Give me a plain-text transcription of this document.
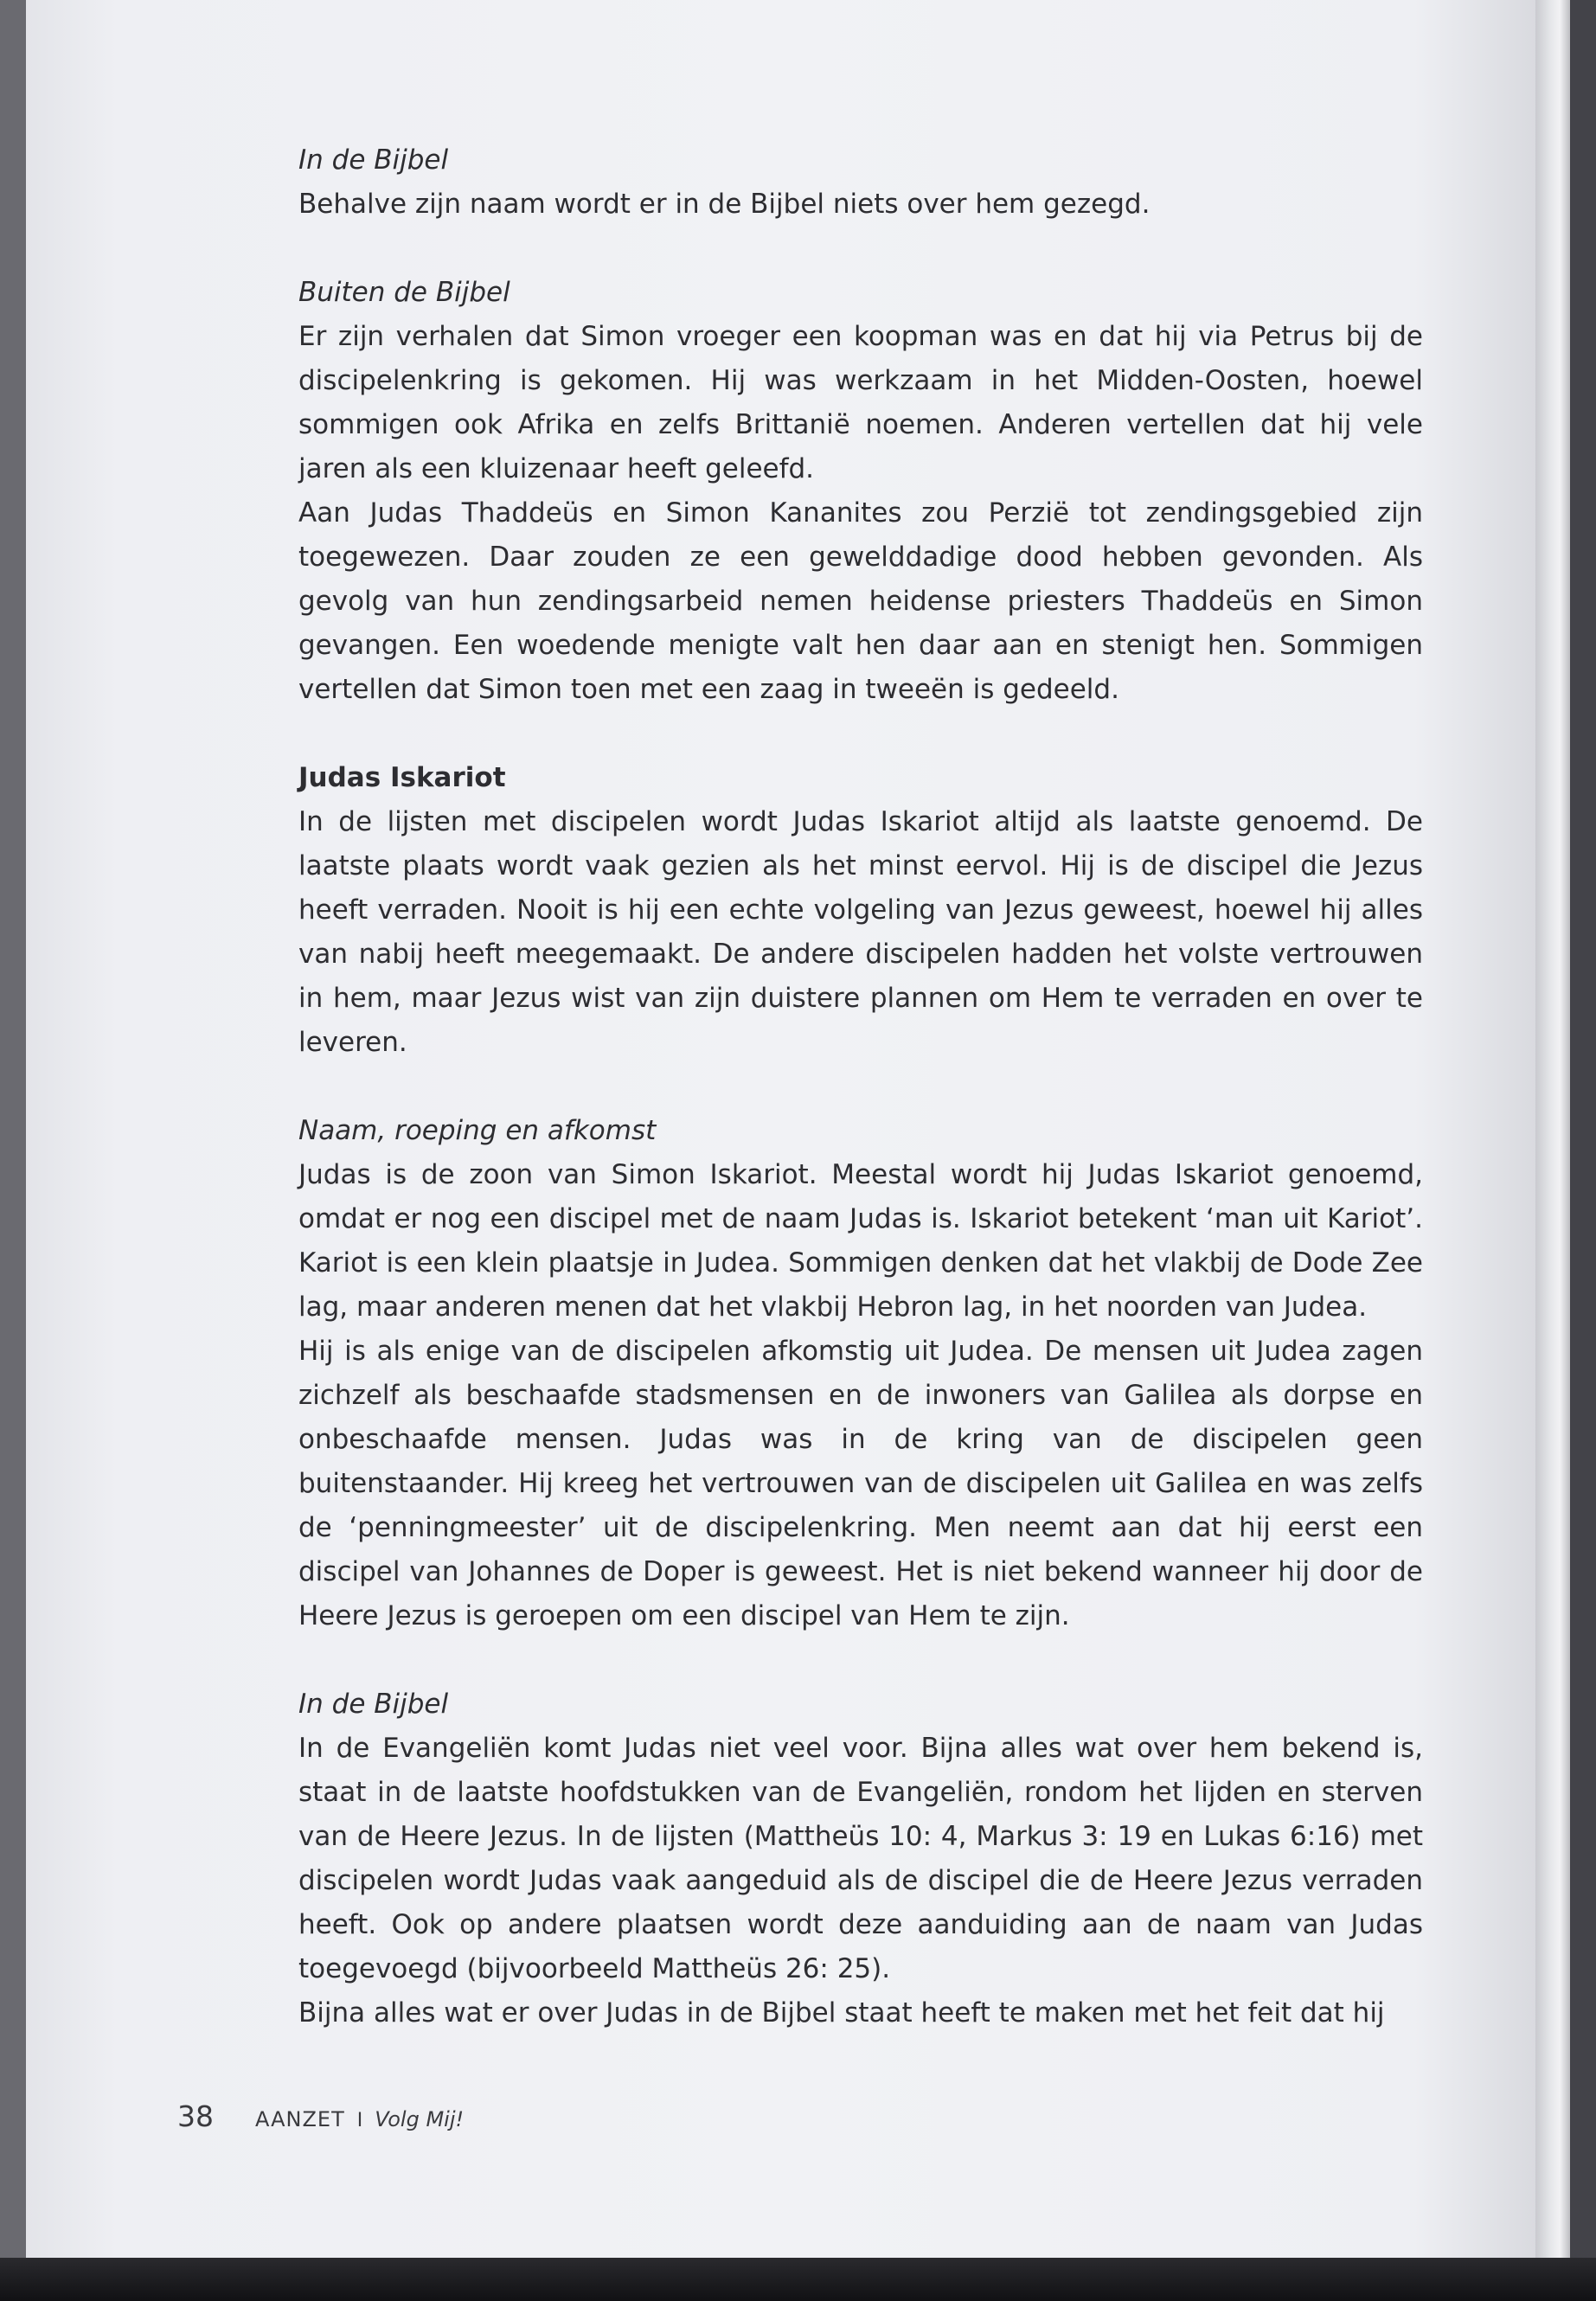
In de Bijbel

Behalve zijn naam wordt er in de Bijbel niets over hem gezegd.

Buiten de Bijbel

Er zijn verhalen dat Simon vroeger een koopman was en dat hij via Petrus bij de discipelenkring is gekomen. Hij was werkzaam in het Midden-Oosten, hoewel sommigen ook Afrika en zelfs Brittanië noemen. Anderen vertellen dat hij vele jaren als een kluizenaar heeft geleefd.

Aan Judas Thaddeüs en Simon Kananites zou Perzië tot zendingsgebied zijn toegewezen. Daar zouden ze een gewelddadige dood hebben gevonden. Als gevolg van hun zendingsarbeid nemen heidense priesters Thaddeüs en Simon gevangen. Een woedende menigte valt hen daar aan en stenigt hen. Sommigen vertellen dat Simon toen met een zaag in tweeën is gedeeld.

Judas Iskariot

In de lijsten met discipelen wordt Judas Iskariot altijd als laatste genoemd. De laatste plaats wordt vaak gezien als het minst eervol. Hij is de discipel die Jezus heeft verraden. Nooit is hij een echte volgeling van Jezus geweest, hoewel hij alles van nabij heeft meegemaakt. De andere discipelen hadden het volste vertrouwen in hem, maar Jezus wist van zijn duistere plannen om Hem te verraden en over te leveren.

Naam, roeping en afkomst

Judas is de zoon van Simon Iskariot. Meestal wordt hij Judas Iskariot genoemd, omdat er nog een discipel met de naam Judas is. Iskariot betekent ‘man uit Kariot’. Kariot is een klein plaatsje in Judea. Sommigen denken dat het vlakbij de Dode Zee lag, maar anderen menen dat het vlakbij Hebron lag, in het noorden van Judea.

Hij is als enige van de discipelen afkomstig uit Judea. De mensen uit Judea zagen zichzelf als beschaafde stadsmensen en de inwoners van Galilea als dorpse en onbeschaafde mensen. Judas was in de kring van de discipelen geen buitenstaander. Hij kreeg het vertrouwen van de discipelen uit Galilea en was zelfs de ‘penningmeester’ uit de discipelenkring. Men neemt aan dat hij eerst een discipel van Johannes de Doper is geweest. Het is niet bekend wanneer hij door de Heere Jezus is geroepen om een discipel van Hem te zijn.

In de Bijbel

In de Evangeliën komt Judas niet veel voor. Bijna alles wat over hem bekend is, staat in de laatste hoofdstukken van de Evangeliën, rondom het lijden en sterven van de Heere Jezus. In de lijsten (Mattheüs 10: 4, Markus 3: 19 en Lukas 6:16) met discipelen wordt Judas vaak aangeduid als de discipel die de Heere Jezus verraden heeft. Ook op andere plaatsen wordt deze aanduiding aan de naam van Judas toegevoegd (bijvoorbeeld Mattheüs 26: 25).

Bijna alles wat er over Judas in de Bijbel staat heeft te maken met het feit dat hij

38 AANZET I Volg Mij!
